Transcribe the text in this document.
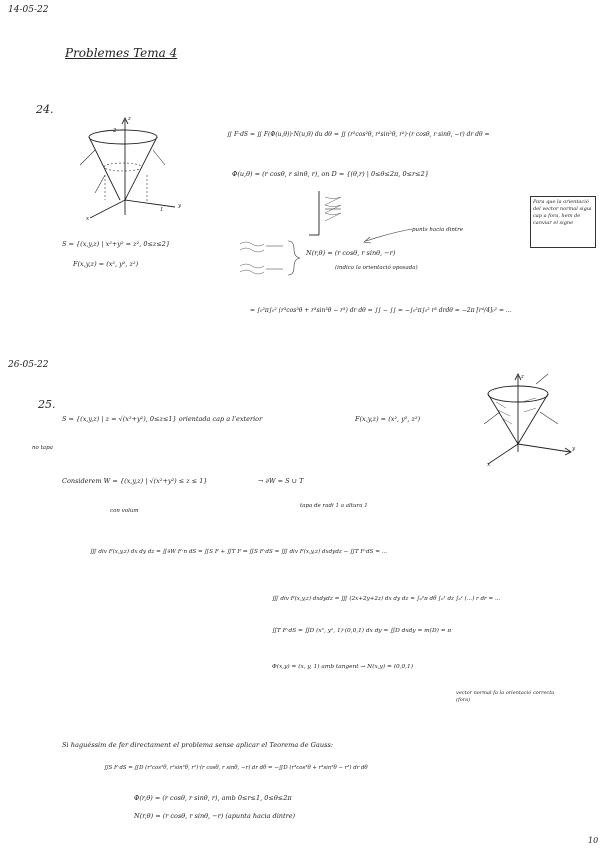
14-05-22
Problemes Tema 4
24.
z
2
x
y
1
S = {(x,y,z) | x²+y² = z², 0≤z≤2}
F(x,y,z) = (x², y², z²)
∬ F·dS = ∬ F(Φ(u,θ))·N(u,θ) du dθ = ∬ (r²cos²θ, r²sin²θ, r²)·(r cosθ, r sinθ, −r) dr dθ =
Φ(u,θ) = (r cosθ, r sinθ, r), on D = {(θ,r) | 0≤θ≤2π, 0≤r≤2}
punts hacia dintre
Para que la orientació del vector normal sigui cap a fora, hem de canviar el signe
N(r,θ) = (r cosθ, r sinθ, −r)
(indica la orientació oposada)
= ∫₀²π∫₀² (r³cos³θ + r³sin³θ − r³) dr dθ = ∫∫ − ∫∫ = −∫₀²π∫₀² r³ drdθ = −2π [r⁴/4]₀² = ...
26-05-22
25.
S = {(x,y,z) | z = √(x²+y²), 0≤z≤1} orientada cap a l'exterior	F(x,y,z) = (x², y², z²)
no tapa
z
x
y
Considerem W = {(x,y,z) | √(x²+y²) ≤ z ≤ 1}	→ ∂W = S ∪ T
con volum
tapa de radi 1 a altura 1
∭ div F(x,y,z) dx dy dz = ∬∂W F·n dS = ∬S F + ∬T F ⇒ ∬S F·dS = ∭ div F(x,y,z) dxdydz − ∬T F·dS = ...
∭ div F(x,y,z) dxdydz = ∭ (2x+2y+2z) dx dy dz = ∫₀²π dθ ∫₀¹ dz ∫₀ᶻ (...) r dr = ...
∬T F·dS = ∬D (x², y², 1)·(0,0,1) dx dy = ∬D dxdy = m(D) = π
Φ(x,y) = (x, y, 1) amb tangent → N(x,y) = (0,0,1)
vector normal fa la orientació correcta (fora)
Si haguéssim de fer directament el problema sense aplicar el Teorema de Gauss:
∬S F·dS = ∬D (r²cos²θ, r²sin²θ, r²)·(r cosθ, r sinθ, −r) dr dθ = −∬D (r³cos³θ + r³sin³θ − r³) dr dθ
Φ(r,θ) = (r cosθ, r sinθ, r), amb 0≤r≤1, 0≤θ≤2π
N(r,θ) = (r cosθ, r sinθ, −r) (apunta hacia dintre)
10
